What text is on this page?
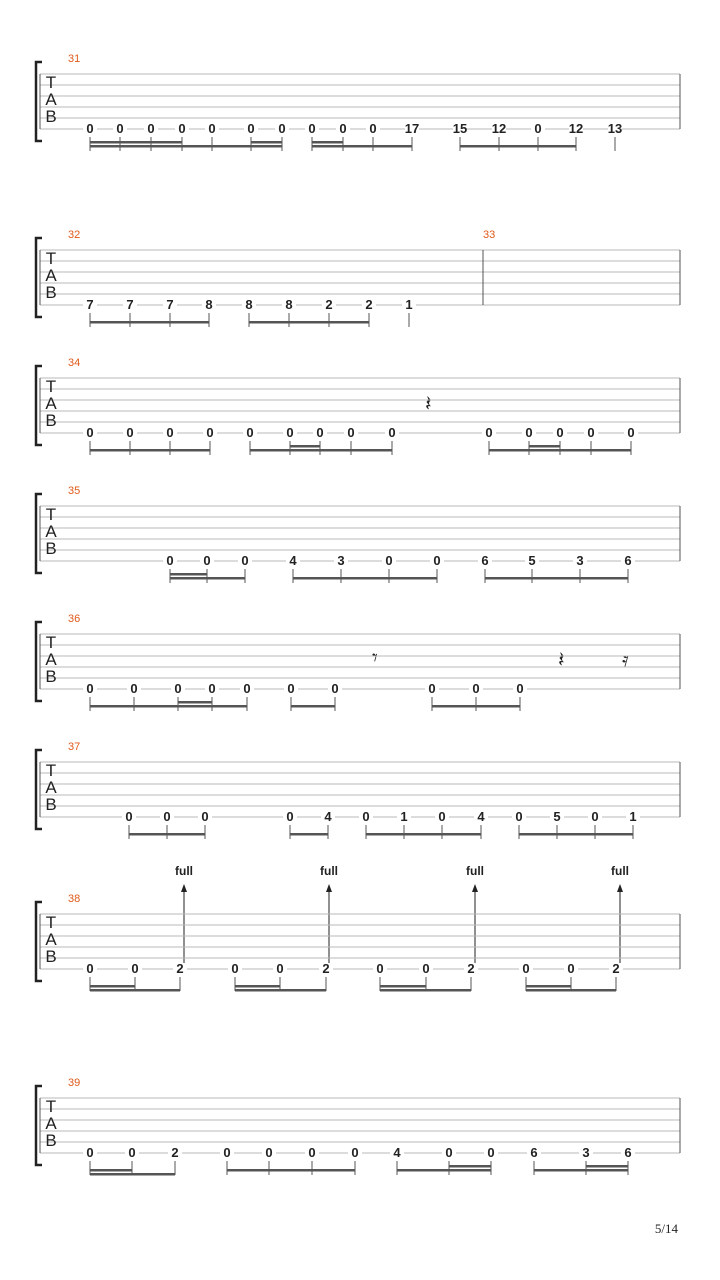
T
A
B
31
0 0 0 0 0 0 0 0 0 0 17	15 12 0 12 13
T
A
B
32	33
7	7	7 8	8	8	2	2	1
𝄽
T
A
B
34
0	0	0	0	0	0 0 0	0	0	0 0 0	0
𝄾	𝄽	𝄿
T
A
B
35
0 0 0	4	3	0	0	6	5	3	6
full	full	full	full
T
A
B
36
0	0	0 0 0	0	0	0	0	0
T
A
B
37
0 0 0	0 4 0 1 0 4 0 5 0 1
T
A
B
38
0	0	2	0	0	2	0	0	2	0	0	2
T
A
B
39
0	0	2	0	0	0	0	4	0	0	6	3	6
5/14
